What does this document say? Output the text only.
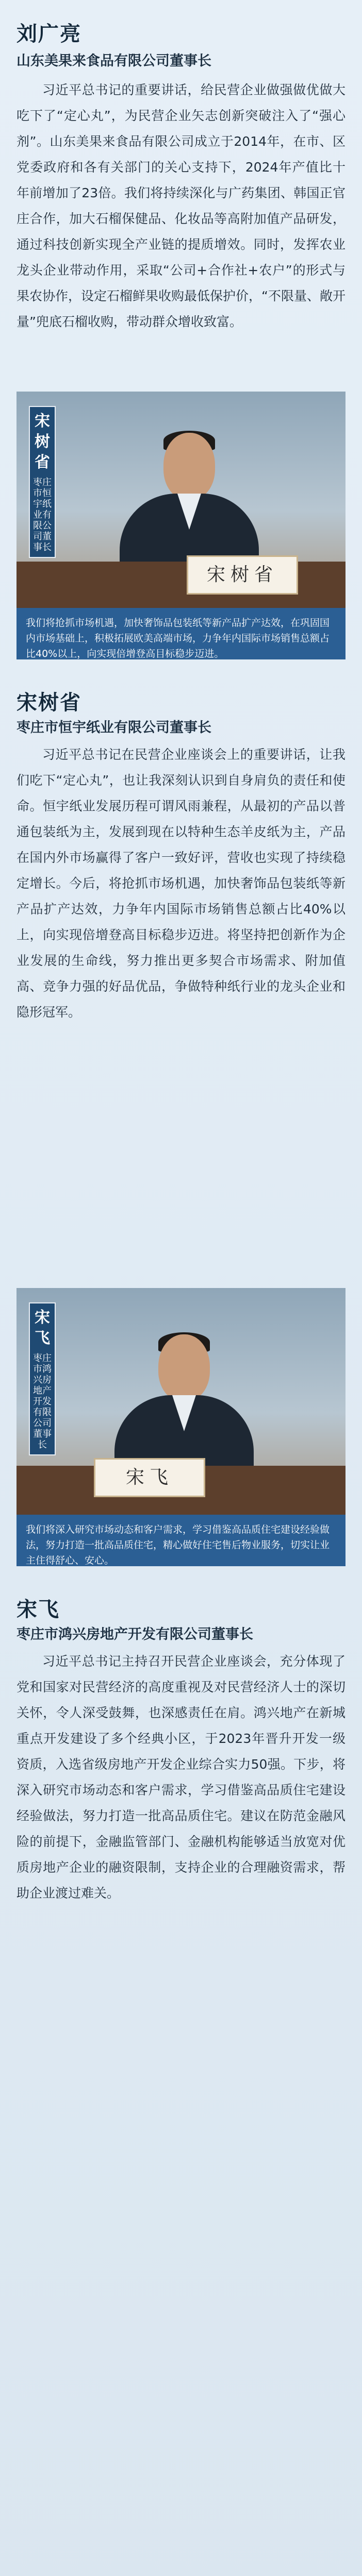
刘广亮
山东美果来食品有限公司董事长
习近平总书记的重要讲话，给民营企业做强做优做大吃下了“定心丸”，为民营企业矢志创新突破注入了“强心剂”。山东美果来食品有限公司成立于2014年，在市、区党委政府和各有关部门的关心支持下，2024年产值比十年前增加了23倍。我们将持续深化与广药集团、韩国正官庄合作，加大石榴保健品、化妆品等高附加值产品研发，通过科技创新实现全产业链的提质增效。同时，发挥农业龙头企业带动作用，采取“公司+合作社+农户”的形式与果农协作，设定石榴鲜果收购最低保护价，“不限量、敞开量”兜底石榴收购，带动群众增收致富。
宋树省
宋树省
枣庄市恒宇纸业有限公司董事长
我们将抢抓市场机遇，加快奢饰品包装纸等新产品扩产达效，在巩固国内市场基础上，积极拓展欧美高端市场，力争年内国际市场销售总额占比40%以上，向实现倍增登高目标稳步迈进。
宋树省
枣庄市恒宇纸业有限公司董事长
习近平总书记在民营企业座谈会上的重要讲话，让我们吃下“定心丸”，也让我深刻认识到自身肩负的责任和使命。恒宇纸业发展历程可谓风雨兼程，从最初的产品以普通包装纸为主，发展到现在以特种生态羊皮纸为主，产品在国内外市场赢得了客户一致好评，营收也实现了持续稳定增长。今后，将抢抓市场机遇，加快奢饰品包装纸等新产品扩产达效，力争年内国际市场销售总额占比40%以上，向实现倍增登高目标稳步迈进。将坚持把创新作为企业发展的生命线，努力推出更多契合市场需求、附加值高、竞争力强的好品优品，争做特种纸行业的龙头企业和隐形冠军。
宋飞
宋飞
枣庄市鸿兴房地产开发有限公司董事长
我们将深入研究市场动态和客户需求，学习借鉴高品质住宅建设经验做法，努力打造一批高品质住宅，精心做好住宅售后物业服务，切实让业主住得舒心、安心。
宋飞
枣庄市鸿兴房地产开发有限公司董事长
习近平总书记主持召开民营企业座谈会，充分体现了党和国家对民营经济的高度重视及对民营经济人士的深切关怀，令人深受鼓舞，也深感责任在肩。鸿兴地产在新城重点开发建设了多个经典小区，于2023年晋升开发一级资质，入选省级房地产开发企业综合实力50强。下步，将深入研究市场动态和客户需求，学习借鉴高品质住宅建设经验做法，努力打造一批高品质住宅。建议在防范金融风险的前提下，金融监管部门、金融机构能够适当放宽对优质房地产企业的融资限制，支持企业的合理融资需求，帮助企业渡过难关。
